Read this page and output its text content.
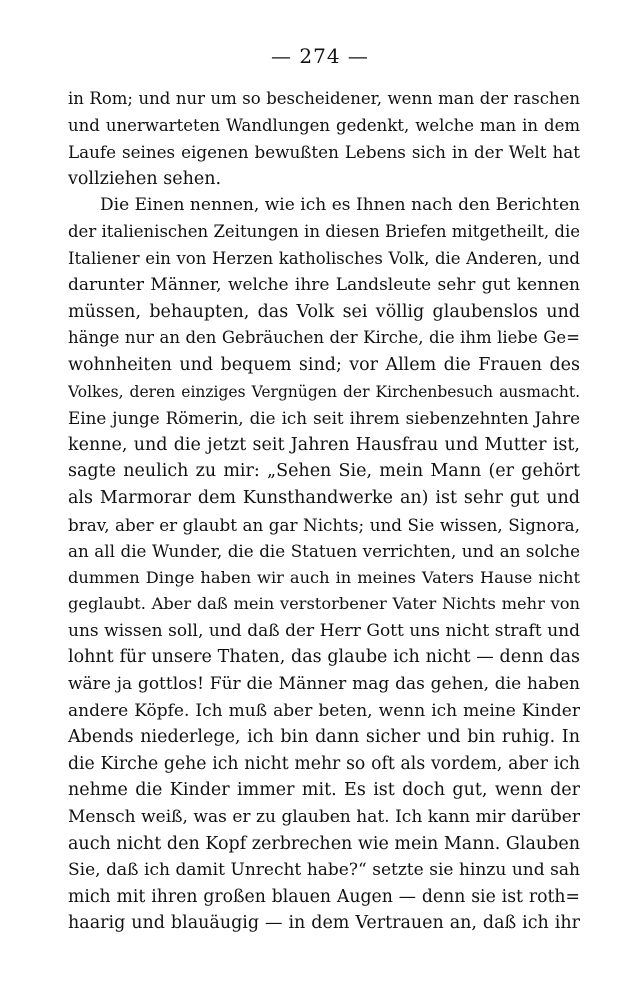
— 274 —
in Rom; und nur um so bescheidener, wenn man der raschen
und unerwarteten Wandlungen gedenkt, welche man in dem
Laufe seines eigenen bewußten Lebens sich in der Welt hat
vollziehen sehen.
Die Einen nennen, wie ich es Ihnen nach den Berichten
der italienischen Zeitungen in diesen Briefen mitgetheilt, die
Italiener ein von Herzen katholisches Volk, die Anderen, und
darunter Männer, welche ihre Landsleute sehr gut kennen
müssen, behaupten, das Volk sei völlig glaubenslos und
hänge nur an den Gebräuchen der Kirche, die ihm liebe Ge=
wohnheiten und bequem sind; vor Allem die Frauen des
Volkes, deren einziges Vergnügen der Kirchenbesuch ausmacht.
Eine junge Römerin, die ich seit ihrem siebenzehnten Jahre
kenne, und die jetzt seit Jahren Hausfrau und Mutter ist,
sagte neulich zu mir: „Sehen Sie, mein Mann (er gehört
als Marmorar dem Kunsthandwerke an) ist sehr gut und
brav, aber er glaubt an gar Nichts; und Sie wissen, Signora,
an all die Wunder, die die Statuen verrichten, und an solche
dummen Dinge haben wir auch in meines Vaters Hause nicht
geglaubt. Aber daß mein verstorbener Vater Nichts mehr von
uns wissen soll, und daß der Herr Gott uns nicht straft und
lohnt für unsere Thaten, das glaube ich nicht — denn das
wäre ja gottlos! Für die Männer mag das gehen, die haben
andere Köpfe. Ich muß aber beten, wenn ich meine Kinder
Abends niederlege, ich bin dann sicher und bin ruhig. In
die Kirche gehe ich nicht mehr so oft als vordem, aber ich
nehme die Kinder immer mit. Es ist doch gut, wenn der
Mensch weiß, was er zu glauben hat. Ich kann mir darüber
auch nicht den Kopf zerbrechen wie mein Mann. Glauben
Sie, daß ich damit Unrecht habe?“ setzte sie hinzu und sah
mich mit ihren großen blauen Augen — denn sie ist roth=
haarig und blauäugig — in dem Vertrauen an, daß ich ihr
